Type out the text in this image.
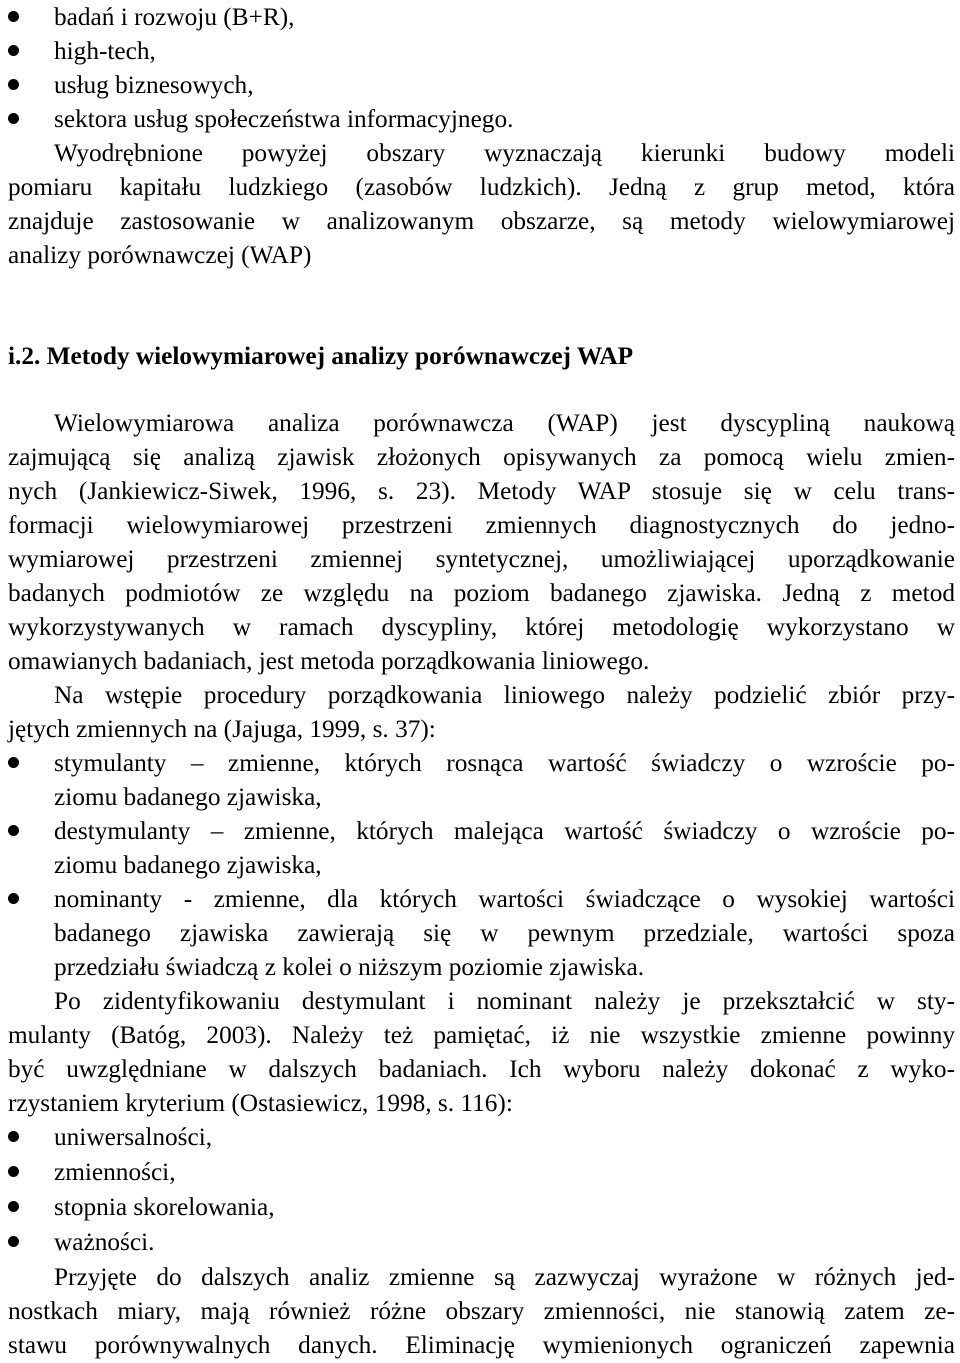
badań i rozwoju (B+R),
high-tech,
usług biznesowych,
sektora usług społeczeństwa informacyjnego.
Wyodrębnione powyżej obszary wyznaczają kierunki budowy modeli
pomiaru kapitału ludzkiego (zasobów ludzkich). Jedną z grup metod, która
znajduje zastosowanie w analizowanym obszarze, są metody wielowymiarowej
analizy porównawczej (WAP)
i.2. Metody wielowymiarowej analizy porównawczej WAP
Wielowymiarowa analiza porównawcza (WAP) jest dyscypliną naukową
zajmującą się analizą zjawisk złożonych opisywanych za pomocą wielu zmien-
nych (Jankiewicz-Siwek, 1996, s. 23). Metody WAP stosuje się w celu trans-
formacji wielowymiarowej przestrzeni zmiennych diagnostycznych do jedno-
wymiarowej przestrzeni zmiennej syntetycznej, umożliwiającej uporządkowanie
badanych podmiotów ze względu na poziom badanego zjawiska. Jedną z metod
wykorzystywanych w ramach dyscypliny, której metodologię wykorzystano w
omawianych badaniach, jest metoda porządkowania liniowego.
Na wstępie procedury porządkowania liniowego należy podzielić zbiór przy-
jętych zmiennych na (Jajuga, 1999, s. 37):
stymulanty – zmienne, których rosnąca wartość świadczy o wzroście po-
ziomu badanego zjawiska,
destymulanty – zmienne, których malejąca wartość świadczy o wzroście po-
ziomu badanego zjawiska,
nominanty - zmienne, dla których wartości świadczące o wysokiej wartości
badanego zjawiska zawierają się w pewnym przedziale, wartości spoza
przedziału świadczą z kolei o niższym poziomie zjawiska.
Po zidentyfikowaniu destymulant i nominant należy je przekształcić w sty-
mulanty (Batóg, 2003). Należy też pamiętać, iż nie wszystkie zmienne powinny
być uwzględniane w dalszych badaniach. Ich wyboru należy dokonać z wyko-
rzystaniem kryterium (Ostasiewicz, 1998, s. 116):
uniwersalności,
zmienności,
stopnia skorelowania,
ważności.
Przyjęte do dalszych analiz zmienne są zazwyczaj wyrażone w różnych jed-
nostkach miary, mają również różne obszary zmienności, nie stanowią zatem ze-
stawu porównywalnych danych. Eliminację wymienionych ograniczeń zapewnia
